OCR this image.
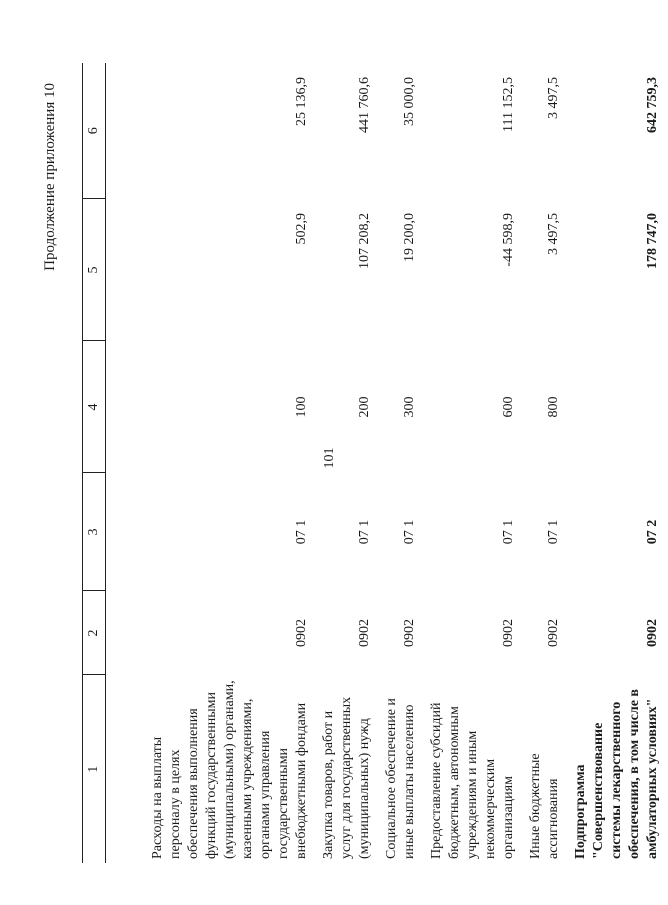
101
Продолжение приложения 10
1	2	3	4	5	6

Расходы на выплаты персоналу в целях обеспечения выполнения функций государственными (муниципальными) органами, казенными учреждениями, органами управления государственными внебюджетными фондами	0902	07 1	100	502,9	25 136,9
Закупка товаров, работ и услуг для государственных (муниципальных) нужд	0902	07 1	200	107 208,2	441 760,6
Социальное обеспечение и иные выплаты населению	0902	07 1	300	19 200,0	35 000,0
Предоставление субсидий бюджетным, автономным учреждениям и иным некоммерческим организациям	0902	07 1	600	-44 598,9	111 152,5
Иные бюджетные ассигнования	0902	07 1	800	3 497,5	3 497,5
Подпрограмма "Совершенствование системы лекарственного обеспечения, в том числе в амбулаторных условиях"	0902	07 2		178 747,0	642 759,3
